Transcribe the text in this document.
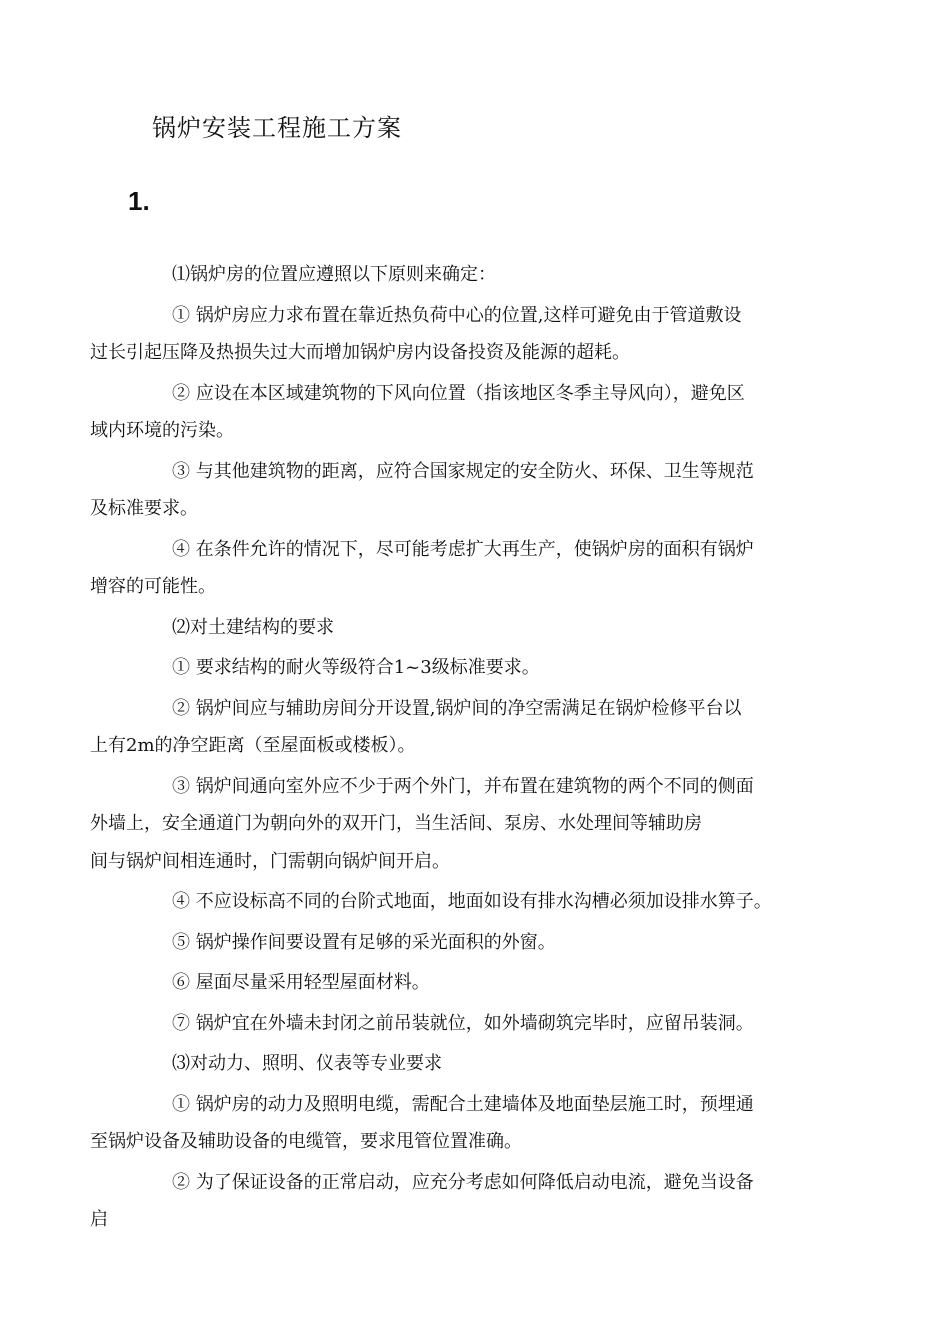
锅炉安装工程施工方案
1.

⑴锅炉房的位置应遵照以下原则来确定：

① 锅炉房应力求布置在靠近热负荷中心的位置,这样可避免由于管道敷设
过长引起压降及热损失过大而增加锅炉房内设备投资及能源的超耗。

② 应设在本区域建筑物的下风向位置（指该地区冬季主导风向），避免区
域内环境的污染。

③ 与其他建筑物的距离，应符合国家规定的安全防火、环保、卫生等规范
及标准要求。

④ 在条件允许的情况下，尽可能考虑扩大再生产，使锅炉房的面积有锅炉
增容的可能性。

⑵对土建结构的要求

① 要求结构的耐火等级符合1~3级标准要求。

② 锅炉间应与辅助房间分开设置,锅炉间的净空需满足在锅炉检修平台以
上有2m的净空距离（至屋面板或楼板）。

③ 锅炉间通向室外应不少于两个外门，并布置在建筑物的两个不同的侧面
外墙上，安全通道门为朝向外的双开门，当生活间、泵房、水处理间等辅助房
间与锅炉间相连通时，门需朝向锅炉间开启。

④ 不应设标高不同的台阶式地面，地面如设有排水沟槽必须加设排水箅子。

⑤ 锅炉操作间要设置有足够的采光面积的外窗。

⑥ 屋面尽量采用轻型屋面材料。

⑦ 锅炉宜在外墙未封闭之前吊装就位，如外墙砌筑完毕时，应留吊装洞。

⑶对动力、照明、仪表等专业要求

① 锅炉房的动力及照明电缆，需配合土建墙体及地面垫层施工时，预埋通
至锅炉设备及辅助设备的电缆管，要求甩管位置准确。

② 为了保证设备的正常启动，应充分考虑如何降低启动电流，避免当设备
启
